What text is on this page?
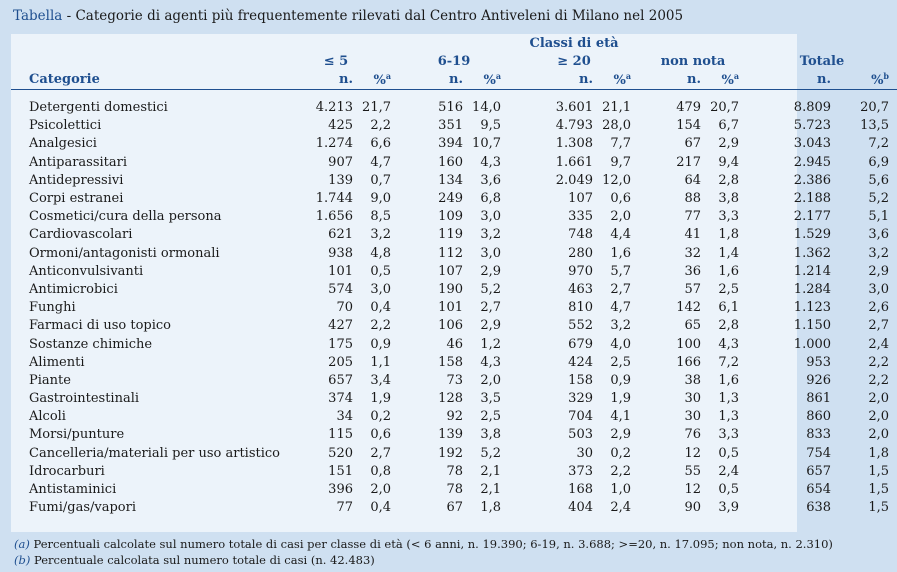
Tabella - Categorie di agenti più frequentemente rilevati dal Centro Antiveleni di Milano nel 2005
					Classi di età					
	≤ 5		6-19		≥ 20		non nota		Totale	
Categorie	n.	%$^a$	n.	%$^a$	n.	%$^a$	n.	%$^a$	n.	%$^b$

Detergenti domestici	4.213	21,7	516	14,0	3.601	21,1	479	20,7	8.809	20,7
Psicolettici	425	2,2	351	9,5	4.793	28,0	154	6,7	5.723	13,5
Analgesici	1.274	6,6	394	10,7	1.308	7,7	67	2,9	3.043	7,2
Antiparassitari	907	4,7	160	4,3	1.661	9,7	217	9,4	2.945	6,9
Antidepressivi	139	0,7	134	3,6	2.049	12,0	64	2,8	2.386	5,6
Corpi estranei	1.744	9,0	249	6,8	107	0,6	88	3,8	2.188	5,2
Cosmetici/cura della persona	1.656	8,5	109	3,0	335	2,0	77	3,3	2.177	5,1
Cardiovascolari	621	3,2	119	3,2	748	4,4	41	1,8	1.529	3,6
Ormoni/antagonisti ormonali	938	4,8	112	3,0	280	1,6	32	1,4	1.362	3,2
Anticonvulsivanti	101	0,5	107	2,9	970	5,7	36	1,6	1.214	2,9
Antimicrobici	574	3,0	190	5,2	463	2,7	57	2,5	1.284	3,0
Funghi	70	0,4	101	2,7	810	4,7	142	6,1	1.123	2,6
Farmaci di uso topico	427	2,2	106	2,9	552	3,2	65	2,8	1.150	2,7
Sostanze chimiche	175	0,9	46	1,2	679	4,0	100	4,3	1.000	2,4
Alimenti	205	1,1	158	4,3	424	2,5	166	7,2	953	2,2
Piante	657	3,4	73	2,0	158	0,9	38	1,6	926	2,2
Gastrointestinali	374	1,9	128	3,5	329	1,9	30	1,3	861	2,0
Alcoli	34	0,2	92	2,5	704	4,1	30	1,3	860	2,0
Morsi/punture	115	0,6	139	3,8	503	2,9	76	3,3	833	2,0
Cancelleria/materiali per uso artistico	520	2,7	192	5,2	30	0,2	12	0,5	754	1,8
Idrocarburi	151	0,8	78	2,1	373	2,2	55	2,4	657	1,5
Antistaminici	396	2,0	78	2,1	168	1,0	12	0,5	654	1,5
Fumi/gas/vapori	77	0,4	67	1,8	404	2,4	90	3,9	638	1,5
(a) Percentuali calcolate sul numero totale di casi per classe di età (< 6 anni, n. 19.390; 6-19, n. 3.688; >=20, n. 17.095; non nota, n. 2.310)
(b) Percentuale calcolata sul numero totale di casi (n. 42.483)
